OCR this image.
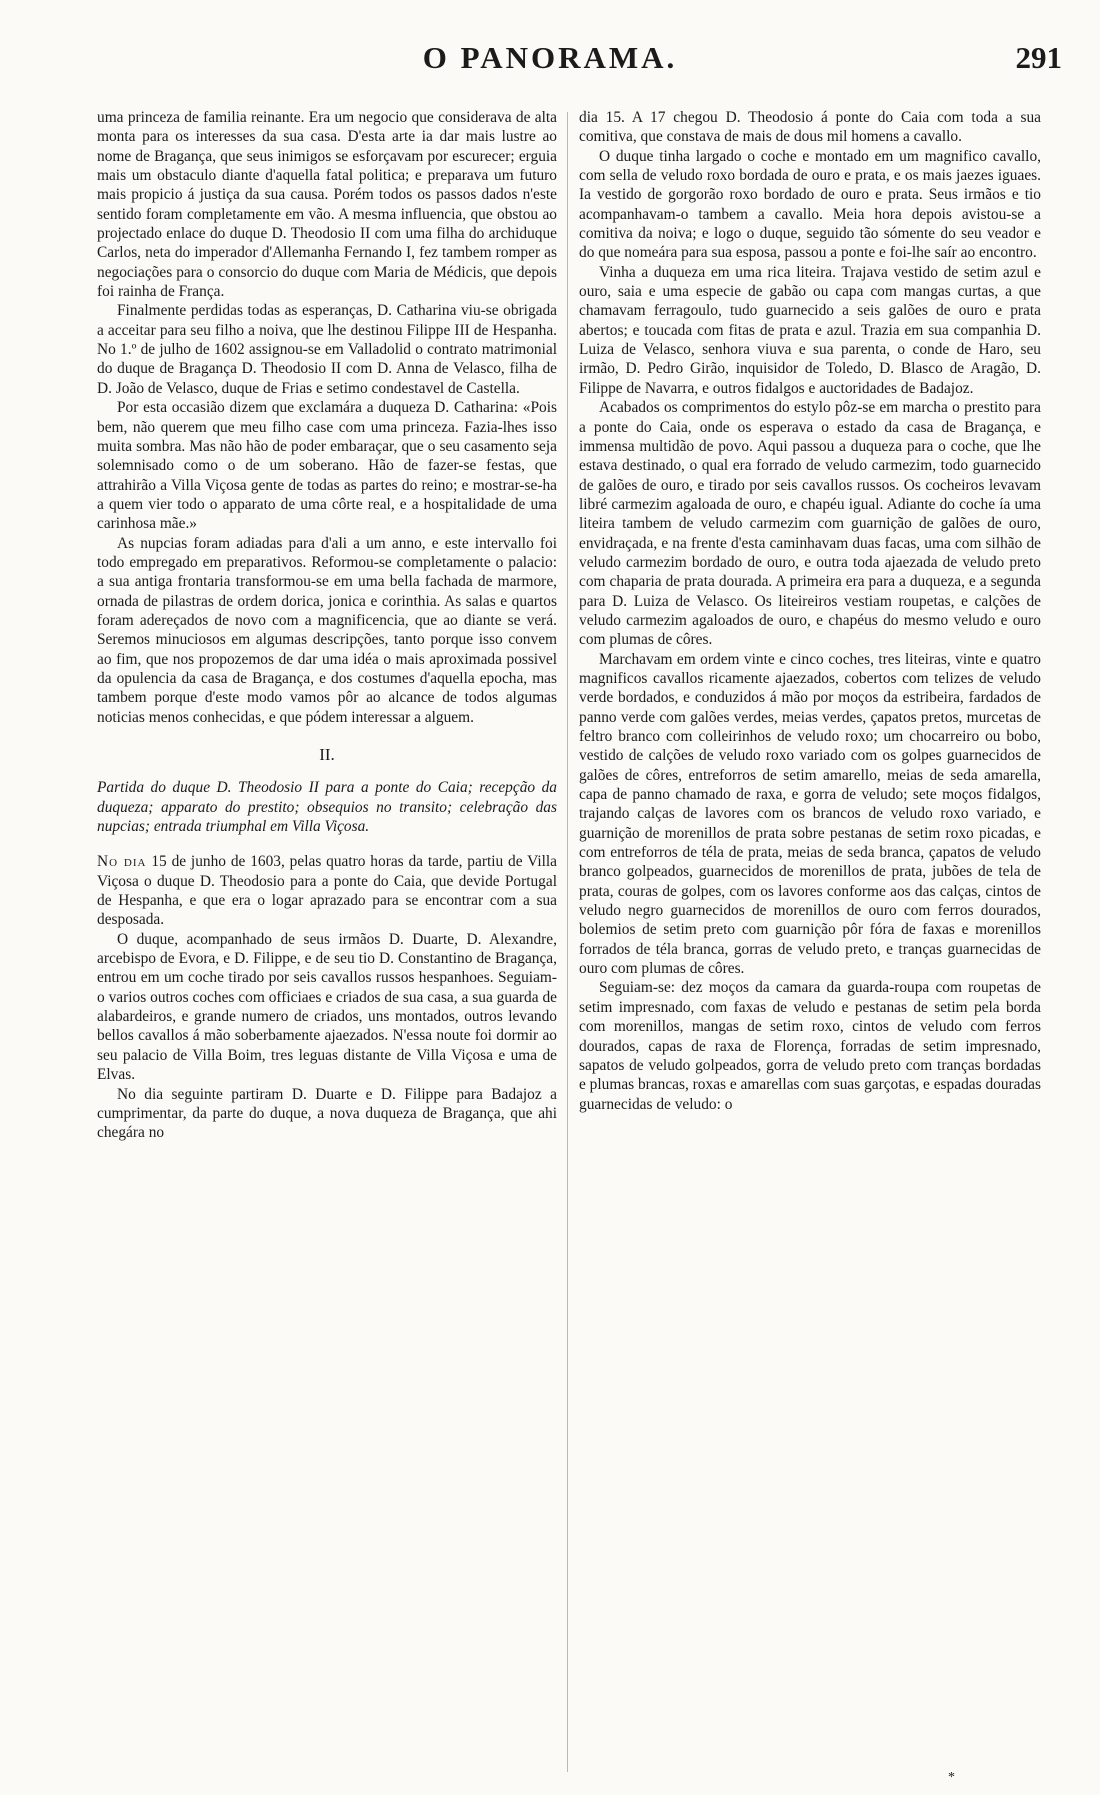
O PANORAMA.	291

uma princeza de familia reinante. Era um negocio que considerava de alta monta para os interesses da sua casa. D'esta arte ia dar mais lustre ao nome de Bragança, que seus inimigos se esforçavam por escurecer; erguia mais um obstaculo diante d'aquella fatal politica; e preparava um futuro mais propicio á justiça da sua causa. Porém todos os passos dados n'este sentido foram completamente em vão. A mesma influencia, que obstou ao projectado enlace do duque D. Theodosio II com uma filha do archiduque Carlos, neta do imperador d'Allemanha Fernando I, fez tambem romper as negociações para o consorcio do duque com Maria de Médicis, que depois foi rainha de França.

Finalmente perdidas todas as esperanças, D. Catharina viu-se obrigada a acceitar para seu filho a noiva, que lhe destinou Filippe III de Hespanha. No 1.º de julho de 1602 assignou-se em Valladolid o contrato matrimonial do duque de Bragança D. Theodosio II com D. Anna de Velasco, filha de D. João de Velasco, duque de Frias e setimo condestavel de Castella.

Por esta occasião dizem que exclamára a duqueza D. Catharina: «Pois bem, não querem que meu filho case com uma princeza. Fazia-lhes isso muita sombra. Mas não hão de poder embaraçar, que o seu casamento seja solemnisado como o de um soberano. Hão de fazer-se festas, que attrahirão a Villa Viçosa gente de todas as partes do reino; e mostrar-se-ha a quem vier todo o apparato de uma côrte real, e a hospitalidade de uma carinhosa mãe.»

As nupcias foram adiadas para d'ali a um anno, e este intervallo foi todo empregado em preparativos. Reformou-se completamente o palacio: a sua antiga frontaria transformou-se em uma bella fachada de marmore, ornada de pilastras de ordem dorica, jonica e corinthia. As salas e quartos foram adereçados de novo com a magnificencia, que ao diante se verá. Seremos minuciosos em algumas descripções, tanto porque isso convem ao fim, que nos propozemos de dar uma idéa o mais aproximada possivel da opulencia da casa de Bragança, e dos costumes d'aquella epocha, mas tambem porque d'este modo vamos pôr ao alcance de todos algumas noticias menos conhecidas, e que pódem interessar a alguem.

II.

Partida do duque D. Theodosio II para a ponte do Caia; recepção da duqueza; apparato do prestito; obsequios no transito; celebração das nupcias; entrada triumphal em Villa Viçosa.

No dia 15 de junho de 1603, pelas quatro horas da tarde, partiu de Villa Viçosa o duque D. Theodosio para a ponte do Caia, que devide Portugal de Hespanha, e que era o logar aprazado para se encontrar com a sua desposada.

O duque, acompanhado de seus irmãos D. Duarte, D. Alexandre, arcebispo de Evora, e D. Filippe, e de seu tio D. Constantino de Bragança, entrou em um coche tirado por seis cavallos russos hespanhoes. Seguiam-o varios outros coches com officiaes e criados de sua casa, a sua guarda de alabardeiros, e grande numero de criados, uns montados, outros levando bellos cavallos á mão soberbamente ajaezados. N'essa noute foi dormir ao seu palacio de Villa Boim, tres leguas distante de Villa Viçosa e uma de Elvas.

No dia seguinte partiram D. Duarte e D. Filippe para Badajoz a cumprimentar, da parte do duque, a nova duqueza de Bragança, que ahi chegára no

dia 15. A 17 chegou D. Theodosio á ponte do Caia com toda a sua comitiva, que constava de mais de dous mil homens a cavallo.

O duque tinha largado o coche e montado em um magnifico cavallo, com sella de veludo roxo bordada de ouro e prata, e os mais jaezes iguaes. Ia vestido de gorgorão roxo bordado de ouro e prata. Seus irmãos e tio acompanhavam-o tambem a cavallo. Meia hora depois avistou-se a comitiva da noiva; e logo o duque, seguido tão sómente do seu veador e do que nomeára para sua esposa, passou a ponte e foi-lhe saír ao encontro.

Vinha a duqueza em uma rica liteira. Trajava vestido de setim azul e ouro, saia e uma especie de gabão ou capa com mangas curtas, a que chamavam ferragoulo, tudo guarnecido a seis galões de ouro e prata abertos; e toucada com fitas de prata e azul. Trazia em sua companhia D. Luiza de Velasco, senhora viuva e sua parenta, o conde de Haro, seu irmão, D. Pedro Girão, inquisidor de Toledo, D. Blasco de Aragão, D. Filippe de Navarra, e outros fidalgos e auctoridades de Badajoz.

Acabados os comprimentos do estylo pôz-se em marcha o prestito para a ponte do Caia, onde os esperava o estado da casa de Bragança, e immensa multidão de povo. Aqui passou a duqueza para o coche, que lhe estava destinado, o qual era forrado de veludo carmezim, todo guarnecido de galões de ouro, e tirado por seis cavallos russos. Os cocheiros levavam libré carmezim agaloada de ouro, e chapéu igual. Adiante do coche ía uma liteira tambem de veludo carmezim com guarnição de galões de ouro, envidraçada, e na frente d'esta caminhavam duas facas, uma com silhão de veludo carmezim bordado de ouro, e outra toda ajaezada de veludo preto com chaparia de prata dourada. A primeira era para a duqueza, e a segunda para D. Luiza de Velasco. Os liteireiros vestiam roupetas, e calções de veludo carmezim agaloados de ouro, e chapéus do mesmo veludo e ouro com plumas de côres.

Marchavam em ordem vinte e cinco coches, tres liteiras, vinte e quatro magnificos cavallos ricamente ajaezados, cobertos com telizes de veludo verde bordados, e conduzidos á mão por moços da estribeira, fardados de panno verde com galões verdes, meias verdes, çapatos pretos, murcetas de feltro branco com colleirinhos de veludo roxo; um chocarreiro ou bobo, vestido de calções de veludo roxo variado com os golpes guarnecidos de galões de côres, entreforros de setim amarello, meias de seda amarella, capa de panno chamado de raxa, e gorra de veludo; sete moços fidalgos, trajando calças de lavores com os brancos de veludo roxo variado, e guarnição de morenillos de prata sobre pestanas de setim roxo picadas, e com entreforros de téla de prata, meias de seda branca, çapatos de veludo branco golpeados, guarnecidos de morenillos de prata, jubões de tela de prata, couras de golpes, com os lavores conforme aos das calças, cintos de veludo negro guarnecidos de morenillos de ouro com ferros dourados, bolemios de setim preto com guarnição pôr fóra de faxas e morenillos forrados de téla branca, gorras de veludo preto, e tranças guarnecidas de ouro com plumas de côres.

Seguiam-se: dez moços da camara da guarda-roupa com roupetas de setim impresnado, com faxas de veludo e pestanas de setim pela borda com morenillos, mangas de setim roxo, cintos de veludo com ferros dourados, capas de raxa de Florença, forradas de setim impresnado, sapatos de veludo golpeados, gorra de veludo preto com tranças bordadas e plumas brancas, roxas e amarellas com suas garçotas, e espadas douradas guarnecidas de veludo: o

*
